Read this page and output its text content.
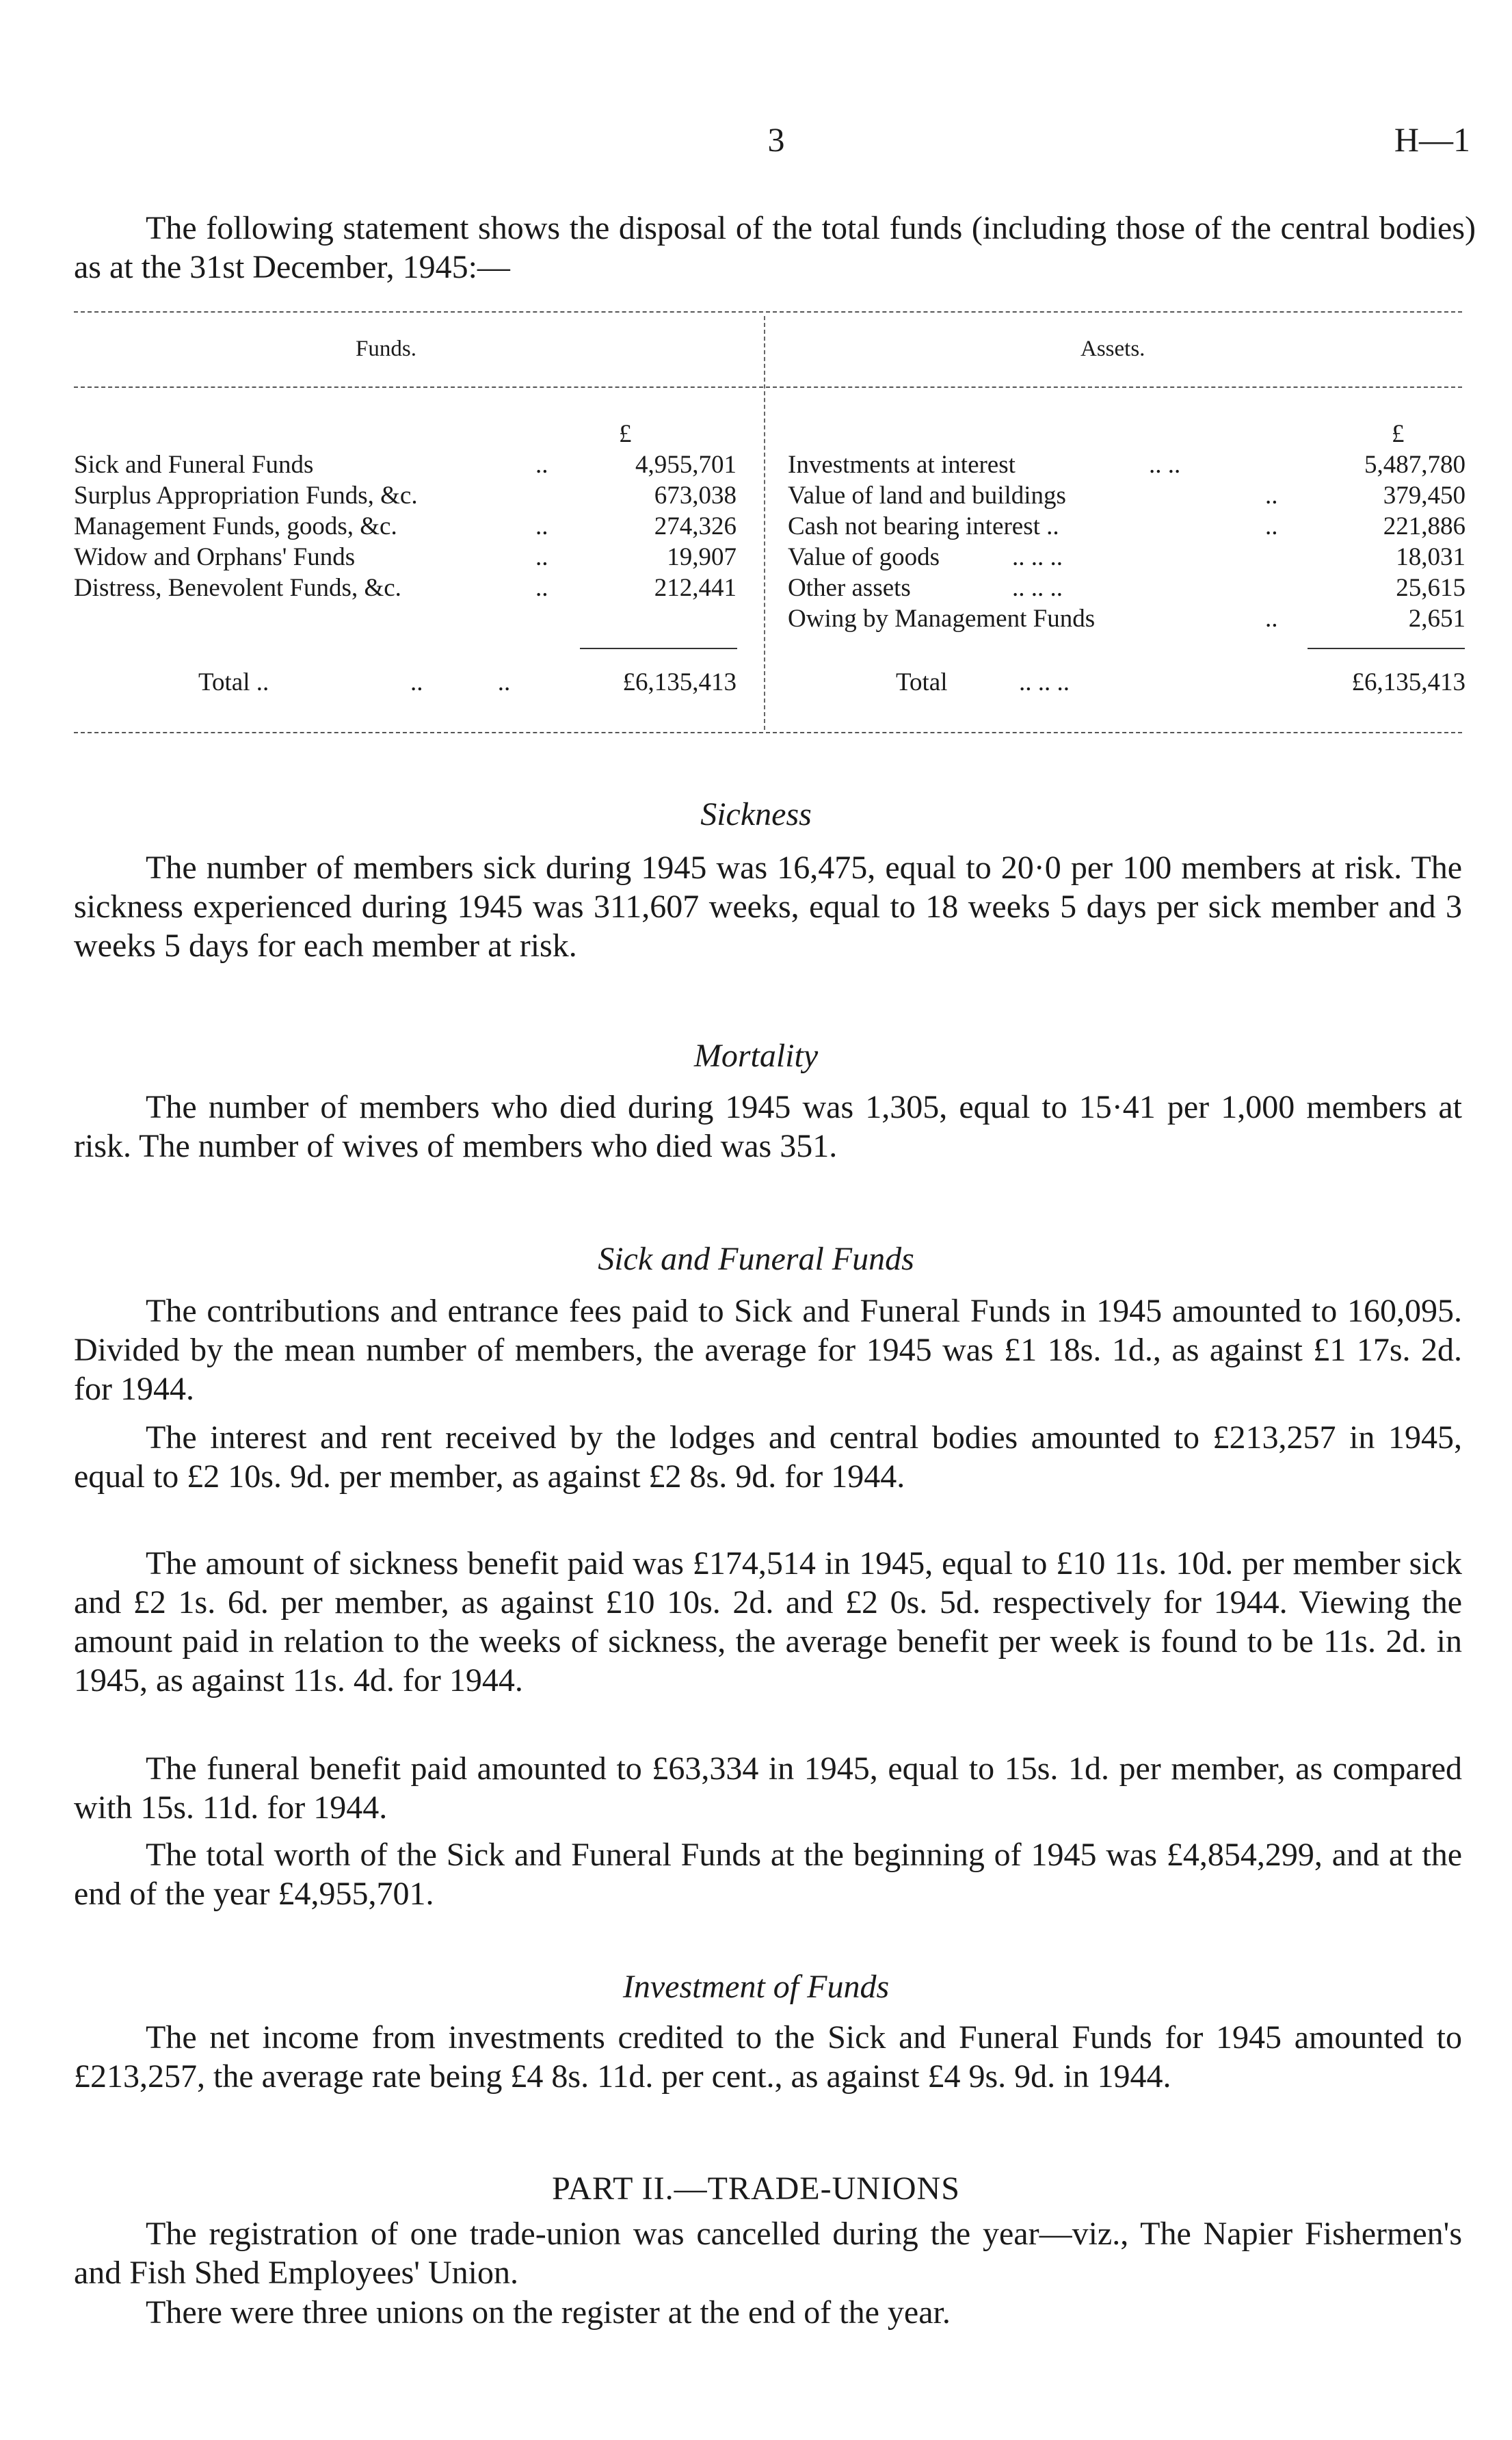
3	H—1

The following statement shows the disposal of the total funds (including those of the central bodies) as at the 31st December, 1945:—

Funds.	Assets.
£	£
Sick and Funeral Funds	..	4,955,701
Surplus Appropriation Funds, &c.	673,038
Management Funds, goods, &c.	..	274,326
Widow and Orphans' Funds	..	19,907
Distress, Benevolent Funds, &c.	..	212,441
Investments at interest	.. ..	5,487,780
Value of land and buildings	..	379,450
Cash not bearing interest ..	..	221,886
Value of goods	.. .. ..	18,031
Other assets	.. .. ..	25,615
Owing by Management Funds	..	2,651
Total ..	.. ..	£6,135,413	Total	.. .. ..	£6,135,413

Sickness

The number of members sick during 1945 was 16,475, equal to 20·0 per 100 members at risk. The sickness experienced during 1945 was 311,607 weeks, equal to 18 weeks 5 days per sick member and 3 weeks 5 days for each member at risk.

Mortality

The number of members who died during 1945 was 1,305, equal to 15·41 per 1,000 members at risk. The number of wives of members who died was 351.

Sick and Funeral Funds

The contributions and entrance fees paid to Sick and Funeral Funds in 1945 amounted to 160,095. Divided by the mean number of members, the average for 1945 was £1 18s. 1d., as against £1 17s. 2d. for 1944.

The interest and rent received by the lodges and central bodies amounted to £213,257 in 1945, equal to £2 10s. 9d. per member, as against £2 8s. 9d. for 1944.

The amount of sickness benefit paid was £174,514 in 1945, equal to £10 11s. 10d. per member sick and £2 1s. 6d. per member, as against £10 10s. 2d. and £2 0s. 5d. respectively for 1944. Viewing the amount paid in relation to the weeks of sickness, the average benefit per week is found to be 11s. 2d. in 1945, as against 11s. 4d. for 1944.

The funeral benefit paid amounted to £63,334 in 1945, equal to 15s. 1d. per member, as compared with 15s. 11d. for 1944.

The total worth of the Sick and Funeral Funds at the beginning of 1945 was £4,854,299, and at the end of the year £4,955,701.

Investment of Funds

The net income from investments credited to the Sick and Funeral Funds for 1945 amounted to £213,257, the average rate being £4 8s. 11d. per cent., as against £4 9s. 9d. in 1944.

PART II.—TRADE-UNIONS

The registration of one trade-union was cancelled during the year—viz., The Napier Fishermen's and Fish Shed Employees' Union.

There were three unions on the register at the end of the year.
